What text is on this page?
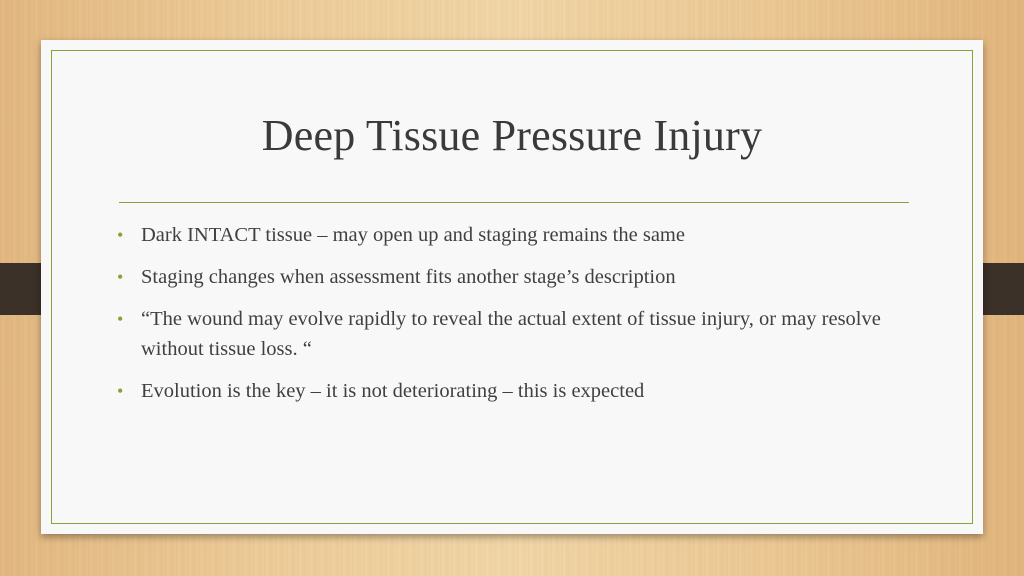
Deep Tissue Pressure Injury
• Dark INTACT tissue – may open up and staging remains the same
• Staging changes when assessment fits another stage’s description
• “The wound may evolve rapidly to reveal the actual extent of tissue injury, or may resolve without tissue loss. “
• Evolution is the key – it is not deteriorating – this is expected
